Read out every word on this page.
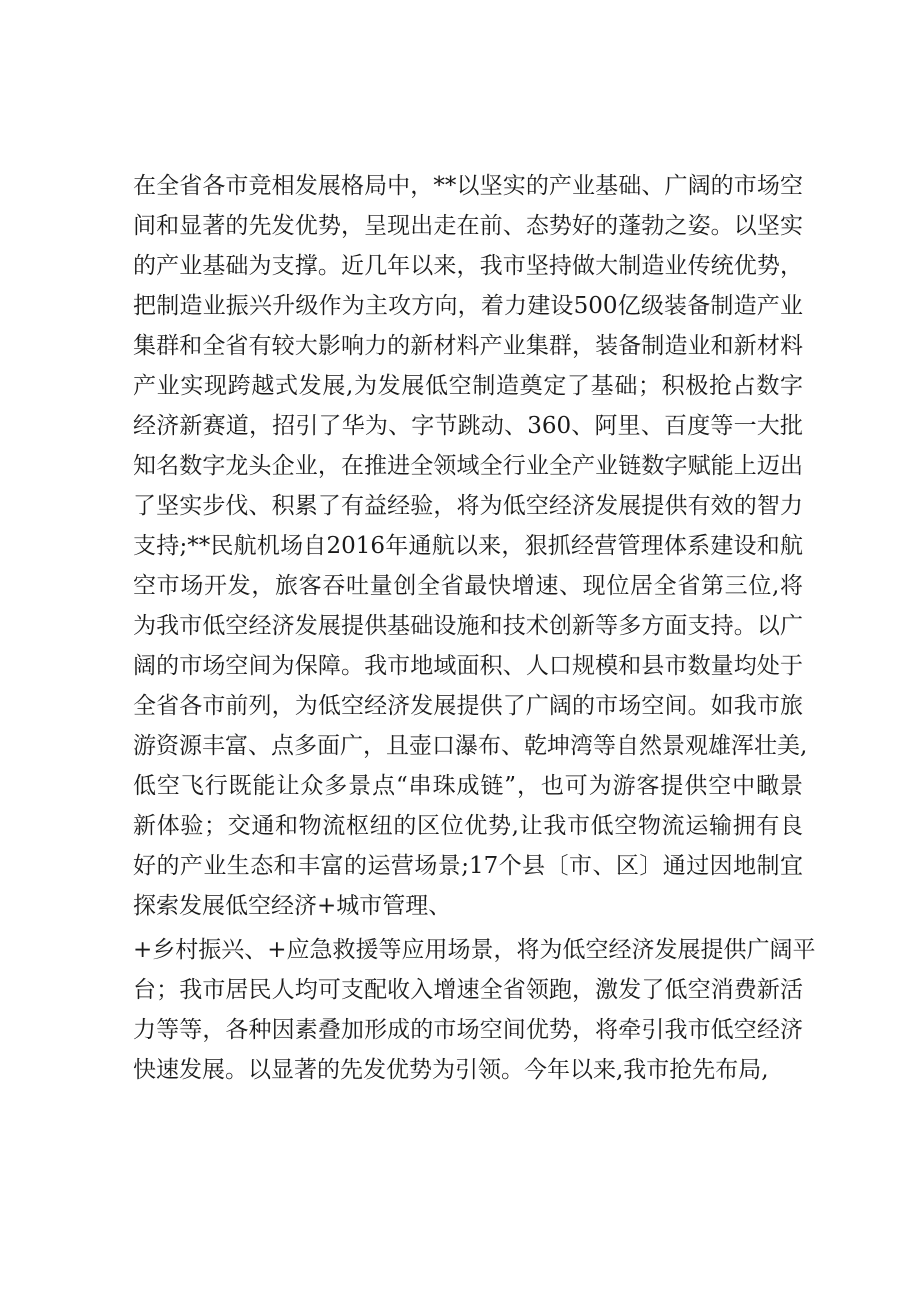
在全省各市竞相发展格局中，**以坚实的产业基础、广阔的市场空
间和显著的先发优势，呈现出走在前、态势好的蓬勃之姿。以坚实
的产业基础为支撑。近几年以来，我市坚持做大制造业传统优势，
把制造业振兴升级作为主攻方向，着力建设500亿级装备制造产业
集群和全省有较大影响力的新材料产业集群，装备制造业和新材料
产业实现跨越式发展,为发展低空制造奠定了基础；积极抢占数字
经济新赛道，招引了华为、字节跳动、360、阿里、百度等一大批
知名数字龙头企业，在推进全领域全行业全产业链数字赋能上迈出
了坚实步伐、积累了有益经验，将为低空经济发展提供有效的智力
支持;**民航机场自2016年通航以来，狠抓经营管理体系建设和航
空市场开发，旅客吞吐量创全省最快增速、现位居全省第三位,将
为我市低空经济发展提供基础设施和技术创新等多方面支持。以广
阔的市场空间为保障。我市地域面积、人口规模和县市数量均处于
全省各市前列，为低空经济发展提供了广阔的市场空间。如我市旅
游资源丰富、点多面广，且壶口瀑布、乾坤湾等自然景观雄浑壮美,
低空飞行既能让众多景点“串珠成链”，也可为游客提供空中瞰景
新体验；交通和物流枢纽的区位优势,让我市低空物流运输拥有良
好的产业生态和丰富的运营场景;17个县〔市、区〕通过因地制宜
探索发展低空经济+城市管理、
+乡村振兴、+应急救援等应用场景，将为低空经济发展提供广阔平
台；我市居民人均可支配收入增速全省领跑，激发了低空消费新活
力等等，各种因素叠加形成的市场空间优势，将牵引我市低空经济
快速发展。以显著的先发优势为引领。今年以来,我市抢先布局,
